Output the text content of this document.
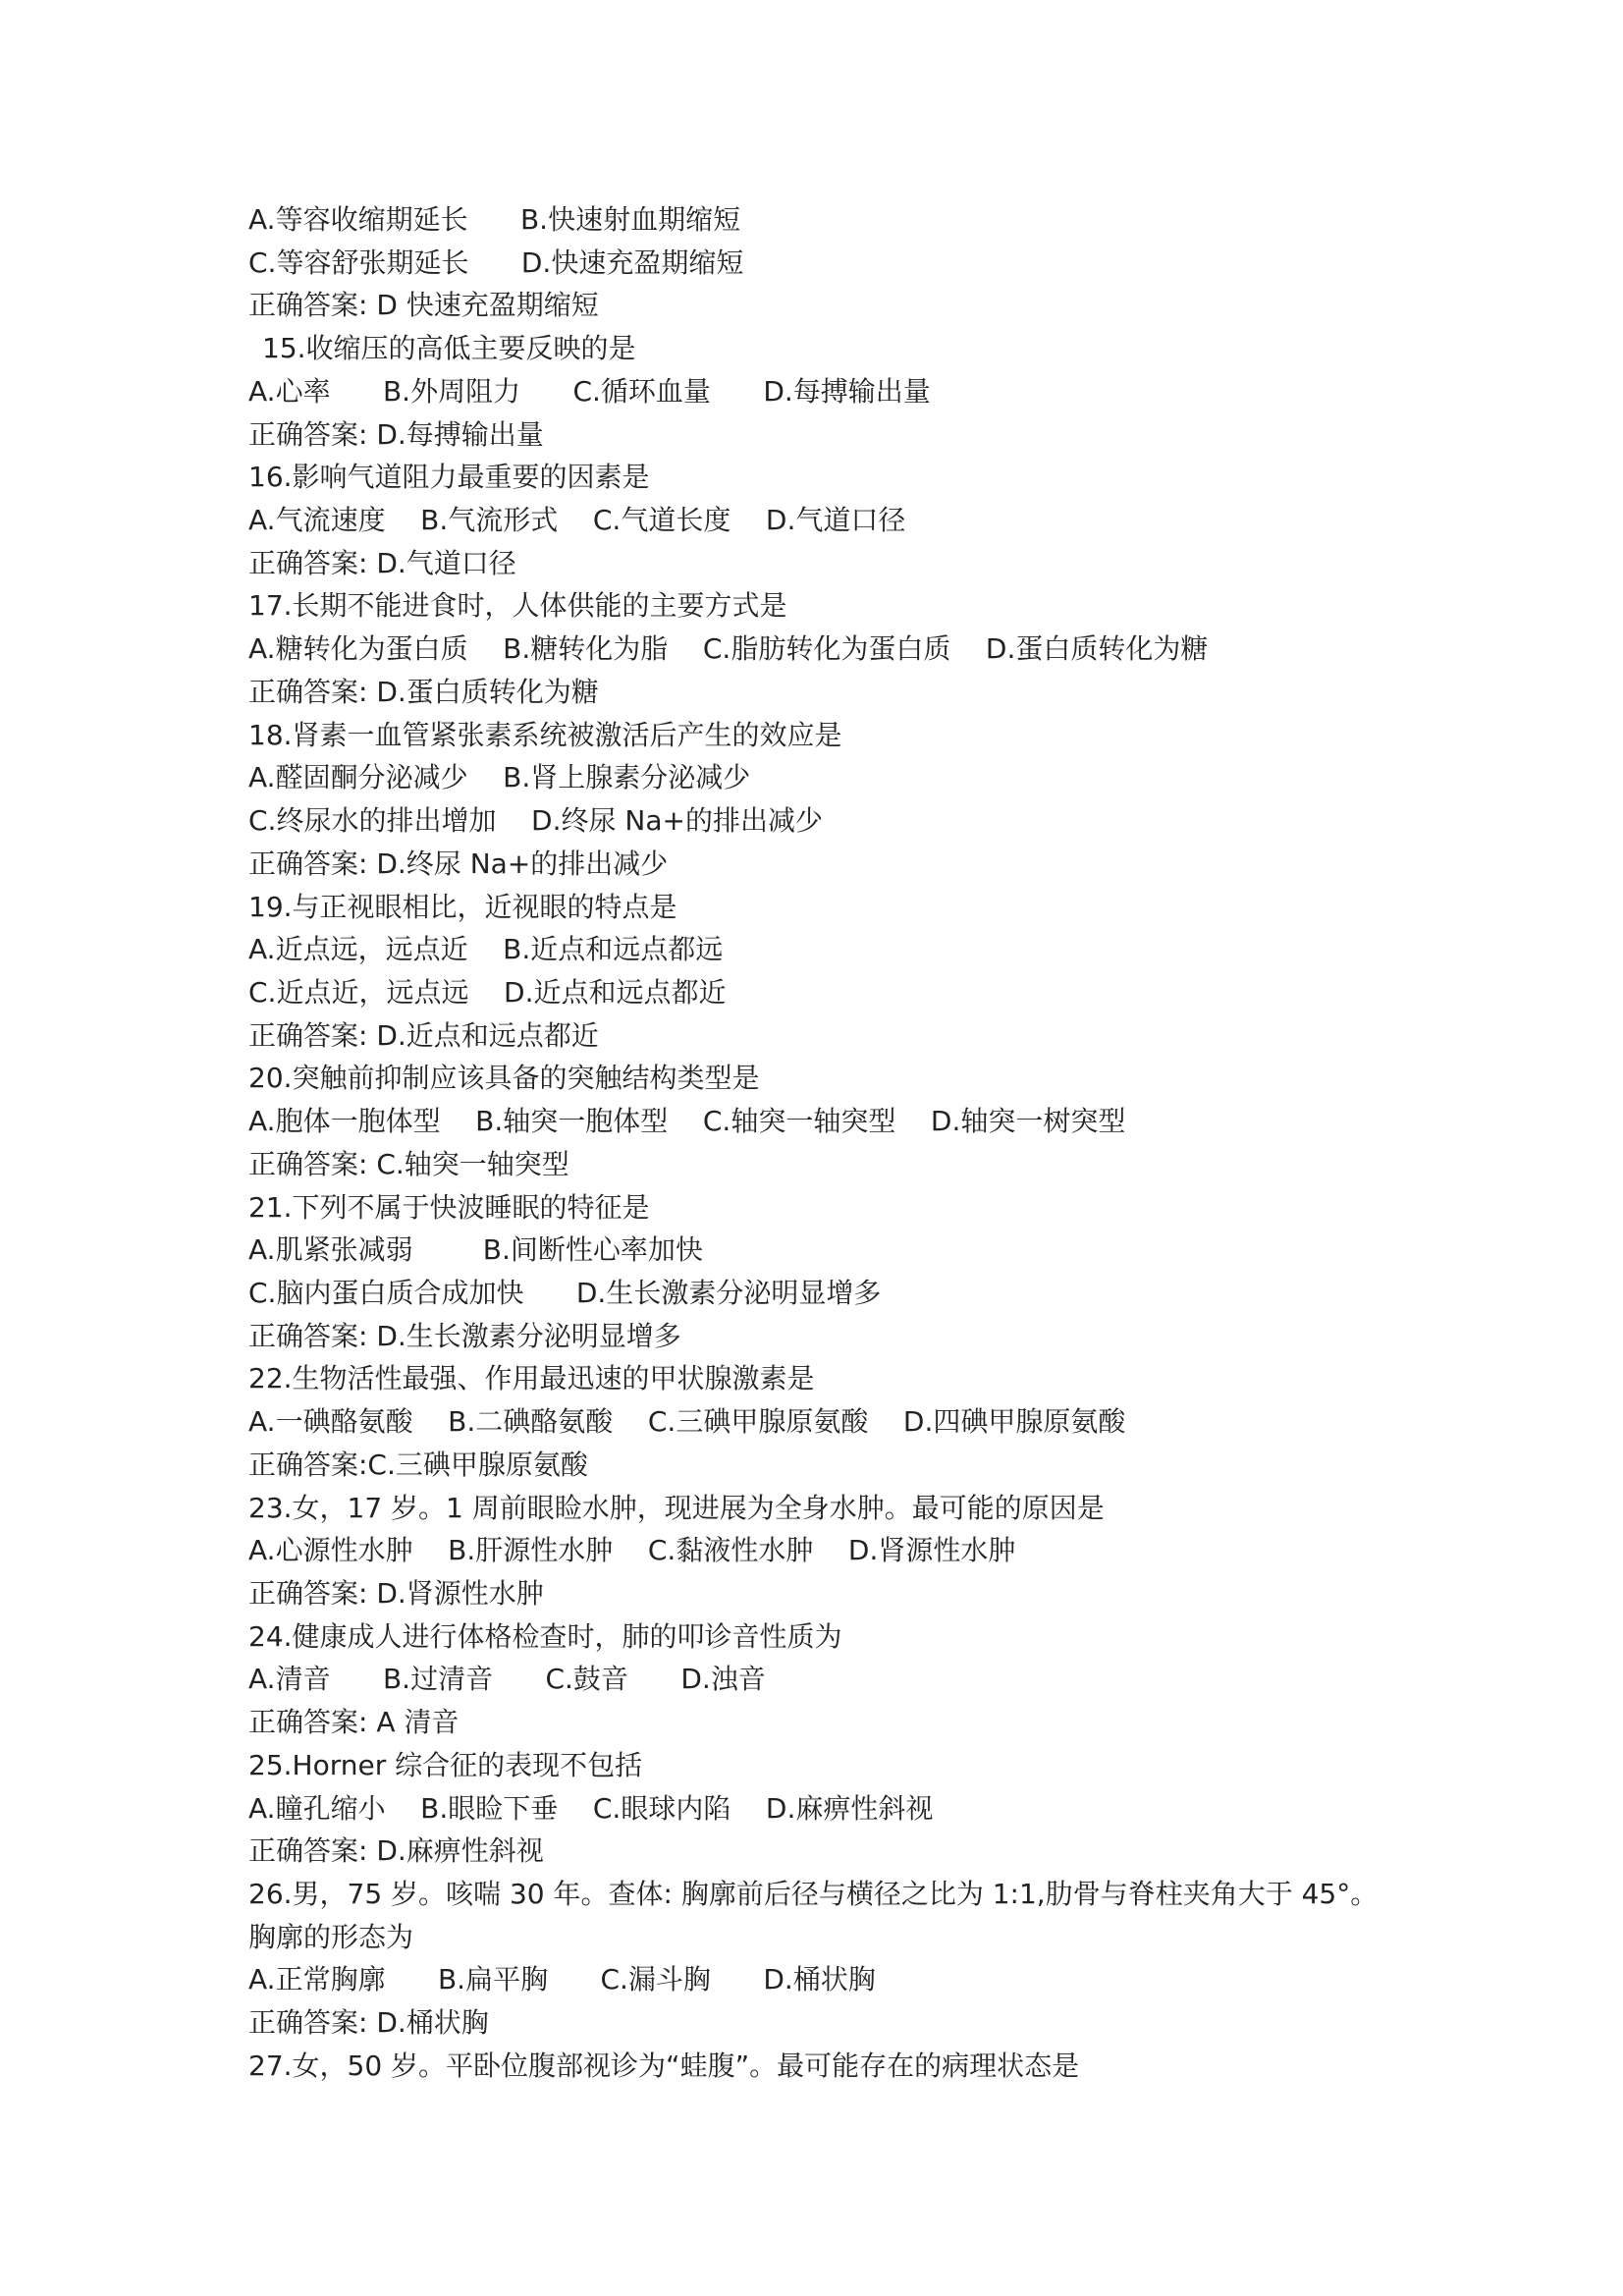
A.等容收缩期延长      B.快速射血期缩短
C.等容舒张期延长      D.快速充盈期缩短
正确答案: D 快速充盈期缩短
15.收缩压的高低主要反映的是
A.心率      B.外周阻力      C.循环血量      D.每搏输出量
正确答案: D.每搏输出量
16.影响气道阻力最重要的因素是
A.气流速度    B.气流形式    C.气道长度    D.气道口径
正确答案: D.气道口径
17.长期不能进食时，人体供能的主要方式是
A.糖转化为蛋白质    B.糖转化为脂    C.脂肪转化为蛋白质    D.蛋白质转化为糖
正确答案: D.蛋白质转化为糖
18.肾素一血管紧张素系统被激活后产生的效应是
A.醛固酮分泌减少    B.肾上腺素分泌减少
C.终尿水的排出增加    D.终尿 Na+的排出减少
正确答案: D.终尿 Na+的排出减少
19.与正视眼相比，近视眼的特点是
A.近点远，远点近    B.近点和远点都远
C.近点近，远点远    D.近点和远点都近
正确答案: D.近点和远点都近
20.突触前抑制应该具备的突触结构类型是
A.胞体一胞体型    B.轴突一胞体型    C.轴突一轴突型    D.轴突一树突型
正确答案: C.轴突一轴突型
21.下列不属于快波睡眠的特征是
A.肌紧张减弱        B.间断性心率加快
C.脑内蛋白质合成加快      D.生长激素分泌明显增多
正确答案: D.生长激素分泌明显增多
22.生物活性最强、作用最迅速的甲状腺激素是
A.一碘酪氨酸    B.二碘酪氨酸    C.三碘甲腺原氨酸    D.四碘甲腺原氨酸
正确答案:C.三碘甲腺原氨酸
23.女，17 岁。1 周前眼睑水肿，现进展为全身水肿。最可能的原因是
A.心源性水肿    B.肝源性水肿    C.黏液性水肿    D.肾源性水肿
正确答案: D.肾源性水肿
24.健康成人进行体格检查时，肺的叩诊音性质为
A.清音      B.过清音      C.鼓音      D.浊音
正确答案: A 清音
25.Horner 综合征的表现不包括
A.瞳孔缩小    B.眼睑下垂    C.眼球内陷    D.麻痹性斜视
正确答案: D.麻痹性斜视
26.男，75 岁。咳喘 30 年。查体: 胸廓前后径与横径之比为 1:1,肋骨与脊柱夹角大于 45°。
胸廓的形态为
A.正常胸廓      B.扁平胸      C.漏斗胸      D.桶状胸
正确答案: D.桶状胸
27.女，50 岁。平卧位腹部视诊为“蛙腹”。最可能存在的病理状态是
